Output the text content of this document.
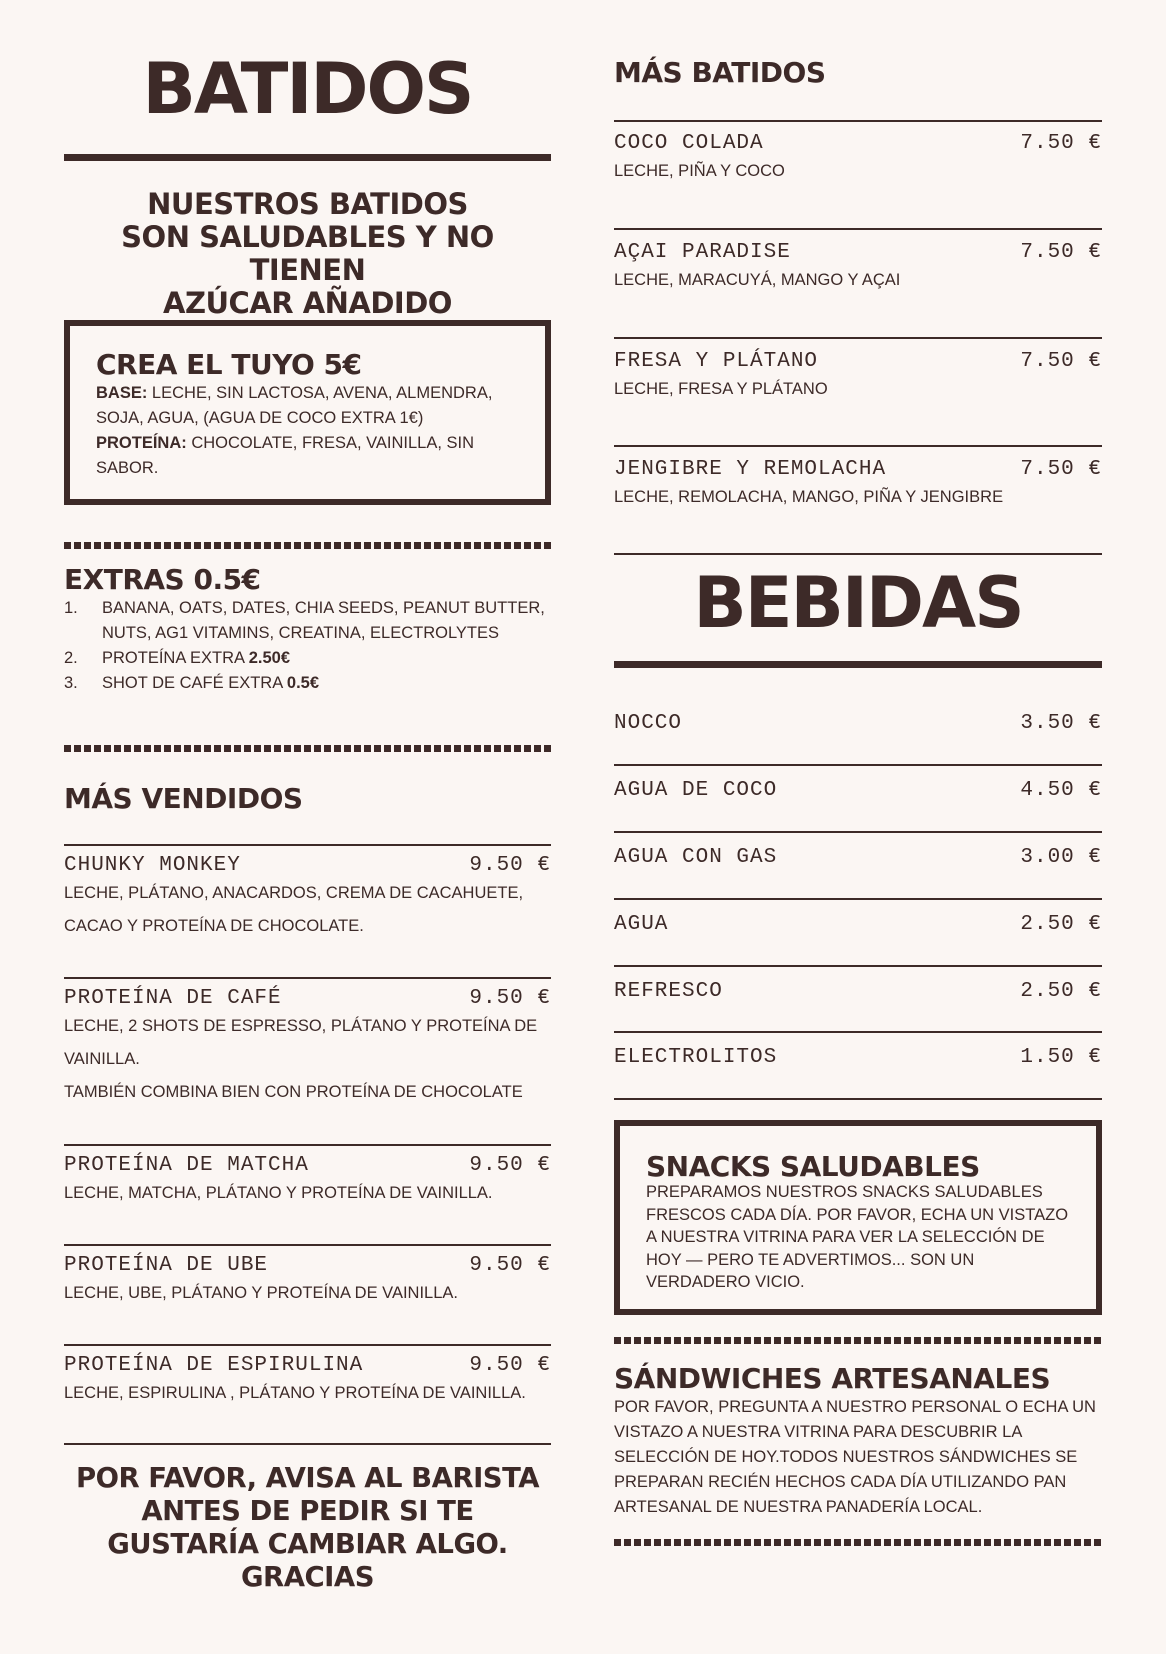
BATIDOS
NUESTROS BATIDOS
SON SALUDABLES Y NO TIENEN
AZÚCAR AÑADIDO
CREA EL TUYO 5€
BASE: LECHE, SIN LACTOSA, AVENA, ALMENDRA, SOJA, AGUA, (AGUA DE COCO EXTRA 1€)
PROTEÍNA: CHOCOLATE, FRESA, VAINILLA, SIN SABOR.
EXTRAS 0.5€
1. BANANA, OATS, DATES, CHIA SEEDS, PEANUT BUTTER, NUTS, AG1 VITAMINS, CREATINA, ELECTROLYTES
2. PROTEÍNA EXTRA 2.50€
3. SHOT DE CAFÉ EXTRA 0.5€
MÁS VENDIDOS
CHUNKY MONKEY	9.50 €
LECHE, PLÁTANO, ANACARDOS, CREMA DE CACAHUETE, CACAO Y PROTEÍNA DE CHOCOLATE.
PROTEÍNA DE CAFÉ	9.50 €
LECHE, 2 SHOTS DE ESPRESSO, PLÁTANO Y PROTEÍNA DE VAINILLA.
TAMBIÉN COMBINA BIEN CON PROTEÍNA DE CHOCOLATE
PROTEÍNA DE MATCHA	9.50 €
LECHE, MATCHA, PLÁTANO Y PROTEÍNA DE VAINILLA.
PROTEÍNA DE UBE	9.50 €
LECHE, UBE, PLÁTANO Y PROTEÍNA DE VAINILLA.
PROTEÍNA DE ESPIRULINA	9.50 €
LECHE, ESPIRULINA , PLÁTANO Y PROTEÍNA DE VAINILLA.
POR FAVOR, AVISA AL BARISTA
ANTES DE PEDIR SI TE
GUSTARÍA CAMBIAR ALGO.
GRACIAS
MÁS BATIDOS
COCO COLADA	7.50 €
LECHE, PIÑA Y COCO
AÇAI PARADISE	7.50 €
LECHE, MARACUYÁ, MANGO Y AÇAI
FRESA Y PLÁTANO	7.50 €
LECHE, FRESA Y PLÁTANO
JENGIBRE Y REMOLACHA	7.50 €
LECHE, REMOLACHA, MANGO, PIÑA Y JENGIBRE
BEBIDAS
NOCCO	3.50 €
AGUA DE COCO	4.50 €
AGUA CON GAS	3.00 €
AGUA	2.50 €
REFRESCO	2.50 €
ELECTROLITOS	1.50 €
SNACKS SALUDABLES
PREPARAMOS NUESTROS SNACKS SALUDABLES FRESCOS CADA DÍA. POR FAVOR, ECHA UN VISTAZO A NUESTRA VITRINA PARA VER LA SELECCIÓN DE HOY — PERO TE ADVERTIMOS... SON UN VERDADERO VICIO.
SÁNDWICHES ARTESANALES
POR FAVOR, PREGUNTA A NUESTRO PERSONAL O ECHA UN VISTAZO A NUESTRA VITRINA PARA DESCUBRIR LA SELECCIÓN DE HOY.TODOS NUESTROS SÁNDWICHES SE PREPARAN RECIÉN HECHOS CADA DÍA UTILIZANDO PAN ARTESANAL DE NUESTRA PANADERÍA LOCAL.
